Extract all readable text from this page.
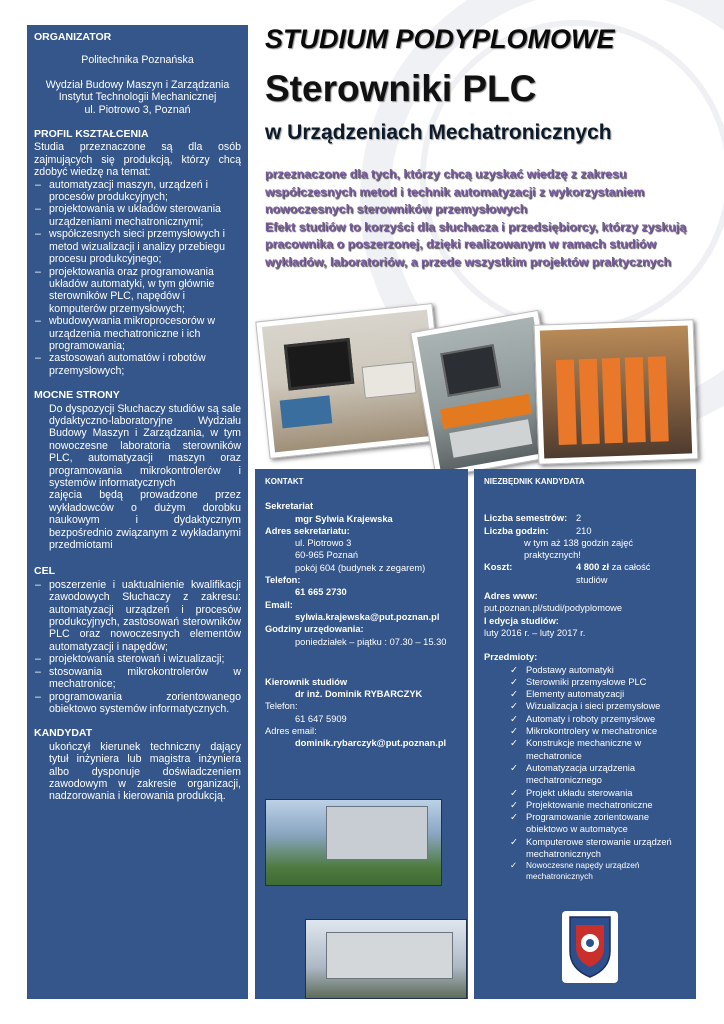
ORGANIZATOR
Politechnika Poznańska
Wydział Budowy Maszyn i Zarządzania
Instytut Technologii Mechanicznej
ul. Piotrowo 3, Poznań
PROFIL KSZTAŁCENIA
Studia przeznaczone są dla osób zajmujących się produkcją, którzy chcą zdobyć wiedzę na temat:
– automatyzacji maszyn, urządzeń i procesów produkcyjnych;
– projektowania w układów sterowania urządzeniami mechatronicznymi;
– współczesnych sieci przemysłowych i metod wizualizacji i analizy przebiegu procesu produkcyjnego;
– projektowania oraz programowania układów automatyki, w tym głównie sterowników PLC, napędów i komputerów przemysłowych;
– wbudowywania mikroprocesorów w urządzenia mechatroniczne i ich programowania;
– zastosowań automatów i robotów przemysłowych;
MOCNE STRONY
Do dyspozycji Słuchaczy studiów są sale dydaktyczno-laboratoryjne Wydziału Budowy Maszyn i Zarządzania, w tym nowoczesne laboratoria sterowników PLC, automatyzacji maszyn oraz programowania mikrokontrolerów i systemów informatycznych
zajęcia będą prowadzone przez wykładowców o dużym dorobku naukowym i dydaktycznym bezpośrednio związanym z wykładanymi przedmiotami
CEL
– poszerzenie i uaktualnienie kwalifikacji zawodowych Słuchaczy z zakresu: automatyzacji urządzeń i procesów produkcyjnych, zastosowań sterowników PLC oraz nowoczesnych elementów automatyzacji i napędów;
– projektowania sterowań i wizualizacji;
– stosowania mikrokontrolerów w mechatronice;
– programowania zorientowanego obiektowo systemów informatycznych.
KANDYDAT
ukończył kierunek techniczny dający tytuł inżyniera lub magistra inżyniera albo dysponuje doświadczeniem zawodowym w zakresie organizacji, nadzorowania i kierowania produkcją.
STUDIUM PODYPLOMOWE
Sterowniki PLC
w Urządzeniach Mechatronicznych
przeznaczone dla tych, którzy chcą uzyskać wiedzę z zakresu współczesnych metod i technik automatyzacji z wykorzystaniem nowoczesnych sterowników przemysłowych
Efekt studiów to korzyści dla słuchacza i przedsiębiorcy, którzy zyskują pracownika o poszerzonej, dzięki realizowanym w ramach studiów wykładów, laboratoriów, a przede wszystkim projektów praktycznych
KONTAKT
Sekretariat
mgr Sylwia Krajewska
Adres sekretariatu:
ul. Piotrowo 3
60-965 Poznań
pokój 604 (budynek z zegarem)
Telefon:
61 665 2730
Email:
sylwia.krajewska@put.poznan.pl
Godziny urzędowania:
poniedziałek – piątku : 07.30 – 15.30
Kierownik studiów
dr inż. Dominik RYBARCZYK
Telefon:
61 647 5909
Adres email:
dominik.rybarczyk@put.poznan.pl
NIEZBĘDNIK KANDYDATA
Liczba semestrów: 2
Liczba godzin:	210
w tym aż 138 godzin zajęć praktycznych!
Koszt:	4 800 zł za całość studiów
Adres www:
put.poznan.pl/studi/podyplomowe
I edycja studiów:
luty 2016 r. – luty 2017 r.
Przedmioty:
✓ Podstawy automatyki
✓ Sterowniki przemysłowe PLC
✓ Elementy automatyzacji
✓ Wizualizacja i sieci przemysłowe
✓ Automaty i roboty przemysłowe
✓ Mikrokontrolery w mechatronice
✓ Konstrukcje mechaniczne w mechatronice
✓ Automatyzacja urządzenia mechatronicznego
✓ Projekt układu sterowania
✓ Projektowanie mechatroniczne
✓ Programowanie zorientowane obiektowo w automatyce
✓ Komputerowe sterowanie urządzeń mechatronicznych
✓ Nowoczesne napędy urządzeń mechatronicznych
